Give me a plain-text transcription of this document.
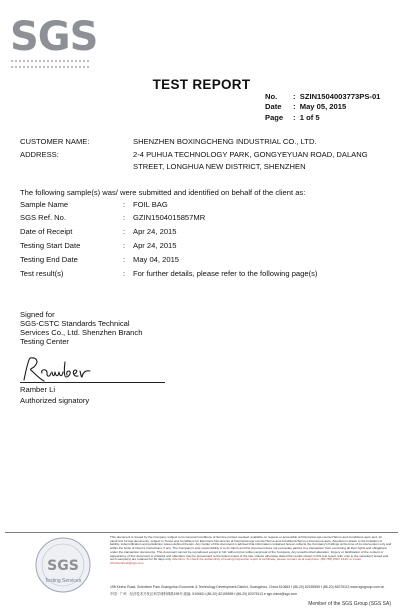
SGS
TEST REPORT
No. :  SZIN1504003773PS-01
Date :  May 05, 2015
Page :  1 of 5
CUSTOMER NAME:	SHENZHEN BOXINGCHENG INDUSTRIAL CO., LTD.
ADDRESS:	2-4 PUHUA TECHNOLOGY PARK, GONGYEYUAN ROAD, DALANG
STREET, LONGHUA NEW DISTRICT, SHENZHEN
The following sample(s) was/ were submitted and identified on behalf of the client as:
Sample Name	: FOIL BAG
SGS Ref. No.	: GZIN1504015857MR
Date of Receipt	: Apr 24, 2015
Testing Start Date	: Apr 24, 2015
Testing End Date	: May 04, 2015
Test result(s)	: For further details, please refer to the following page(s)
Signed for
SGS-CSTC Standards Technical
Services Co., Ltd. Shenzhen Branch
Testing Center
Ramber Li
Authorized signatory
SGS
Testing Services
This document is issued by the Company subject to its General Conditions of Service printed overleaf, available on request or accessible at http://www.sgs.com/en/Terms-and-Conditions.aspx and, for electronic format documents, subject to Terms and Conditions for Electronic Documents at http://www.sgs.com/en/Terms-and-Conditions/Terms-e-Document.aspx. Attention is drawn to the limitation of liability, indemnification and jurisdiction issues defined therein. Any holder of this document is advised that information contained hereon reflects the Company's findings at the time of its intervention only and within the limits of Client's instructions, if any. The Company's sole responsibility is to its Client and this document does not exonerate parties to a transaction from exercising all their rights and obligations under the transaction documents. This document cannot be reproduced except in full, without prior written approval of the Company. Any unauthorized alteration, forgery or falsification of the content or appearance of this document is unlawful and offenders may be prosecuted to the fullest extent of the law. Unless otherwise stated the results shown in this test report refer only to the sample(s) tested and such sample(s) are retained for 30 days only. Attention: To check the authenticity of testing /inspection report & certificate, please contact us at telephone: (86-755) 8307 1443, or email: CN.Doccheck@sgs.com
198 Kezhu Road, Scientech Park Guangzhou Economic & Technology Development District, Guangzhou, China 510663 t (86-20) 82155555 f (86-20) 82075113 www.sgsgroup.com.cn
中国 · 广州 · 经济技术开发区科学城科珠路198号 邮编: 510663 t (86-20) 82155555 f (86-20) 82075113 e sgs.china@sgs.com
Member of the SGS Group (SGS SA)
